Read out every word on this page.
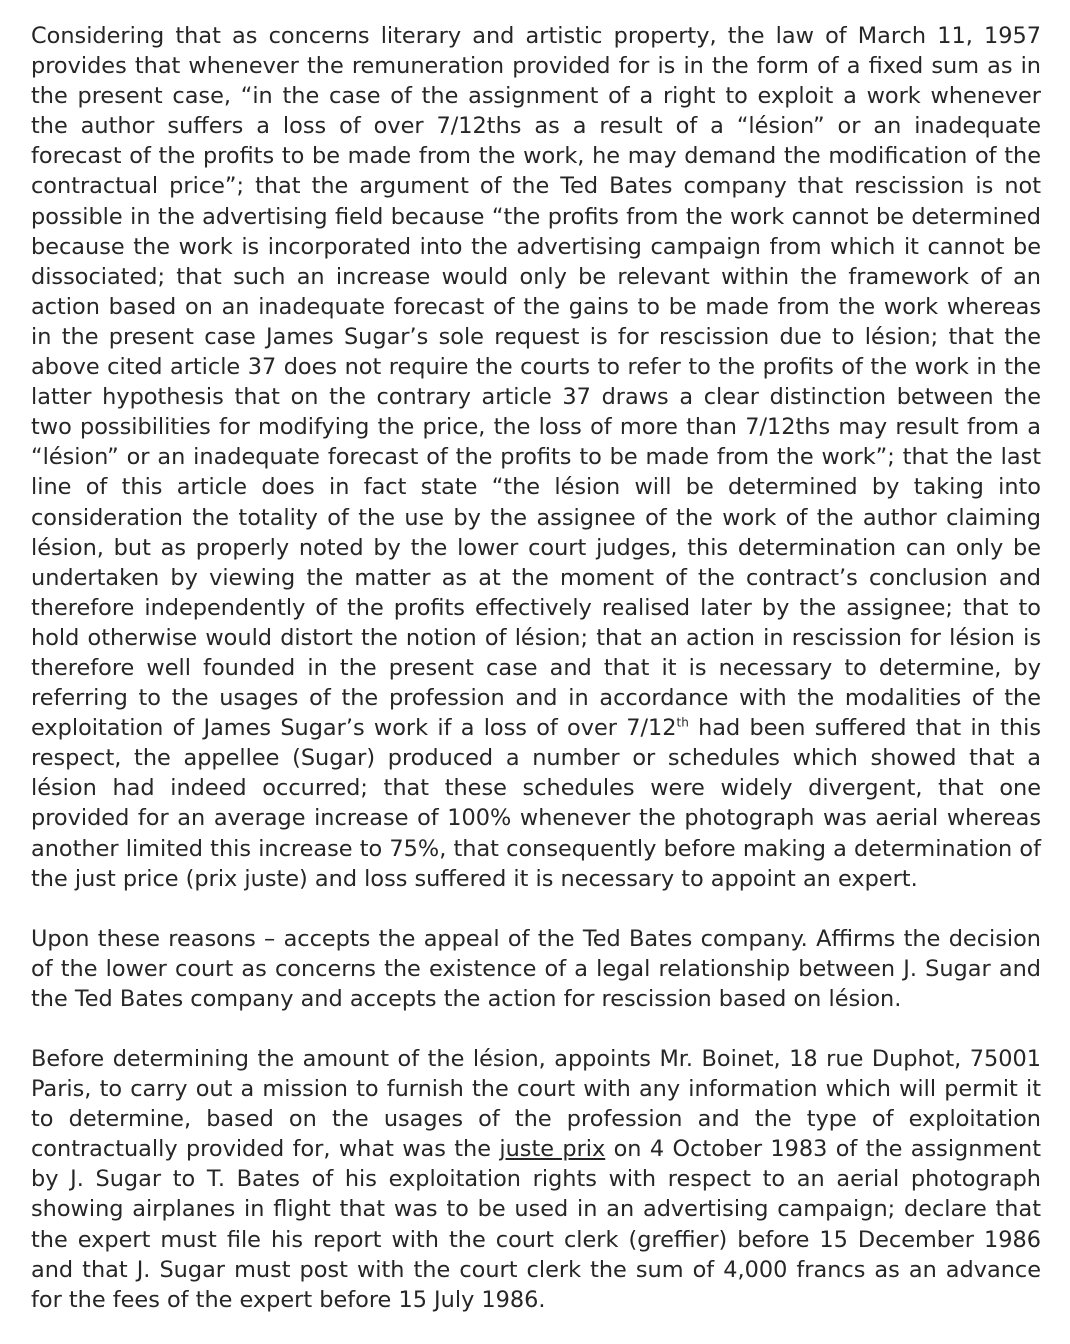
Considering that as concerns literary and artistic property, the law of March 11, 1957 provides that whenever the remuneration provided for is in the form of a fixed sum as in the present case, “in the case of the assignment of a right to exploit a work whenever the author suffers a loss of over 7/12ths as a result of a “lésion” or an inadequate forecast of the profits to be made from the work, he may demand the modification of the contractual price”; that the argument of the Ted Bates company that rescission is not possible in the advertising field because “the profits from the work cannot be determined because the work is incorporated into the advertising campaign from which it cannot be dissociated; that such an increase would only be relevant within the framework of an action based on an inadequate forecast of the gains to be made from the work whereas in the present case James Sugar’s sole request is for rescission due to lésion; that the above cited article 37 does not require the courts to refer to the profits of the work in the latter hypothesis that on the contrary article 37 draws a clear distinction between the two possibilities for modifying the price, the loss of more than 7/12ths may result from a “lésion” or an inadequate forecast of the profits to be made from the work”; that the last line of this article does in fact state “the lésion will be determined by taking into consideration the totality of the use by the assignee of the work of the author claiming lésion, but as properly noted by the lower court judges, this determination can only be undertaken by viewing the matter as at the moment of the contract’s conclusion and therefore independently of the profits effectively realised later by the assignee; that to hold otherwise would distort the notion of lésion; that an action in rescission for lésion is therefore well founded in the present case and that it is necessary to determine, by referring to the usages of the profession and in accordance with the modalities of the exploitation of James Sugar’s work if a loss of over 7/12th had been suffered that in this respect, the appellee (Sugar) produced a number or schedules which showed that a lésion had indeed occurred; that these schedules were widely divergent, that one provided for an average increase of 100% whenever the photograph was aerial whereas another limited this increase to 75%, that consequently before making a determination of the just price (prix juste) and loss suffered it is necessary to appoint an expert.

Upon these reasons – accepts the appeal of the Ted Bates company. Affirms the decision of the lower court as concerns the existence of a legal relationship between J. Sugar and the Ted Bates company and accepts the action for rescission based on lésion.

Before determining the amount of the lésion, appoints Mr. Boinet, 18 rue Duphot, 75001 Paris, to carry out a mission to furnish the court with any information which will permit it to determine, based on the usages of the profession and the type of exploitation contractually provided for, what was the juste prix on 4 October 1983 of the assignment by J. Sugar to T. Bates of his exploitation rights with respect to an aerial photograph showing airplanes in flight that was to be used in an advertising campaign; declare that the expert must file his report with the court clerk (greffier) before 15 December 1986 and that J. Sugar must post with the court clerk the sum of 4,000 francs as an advance for the fees of the expert before 15 July 1986.
